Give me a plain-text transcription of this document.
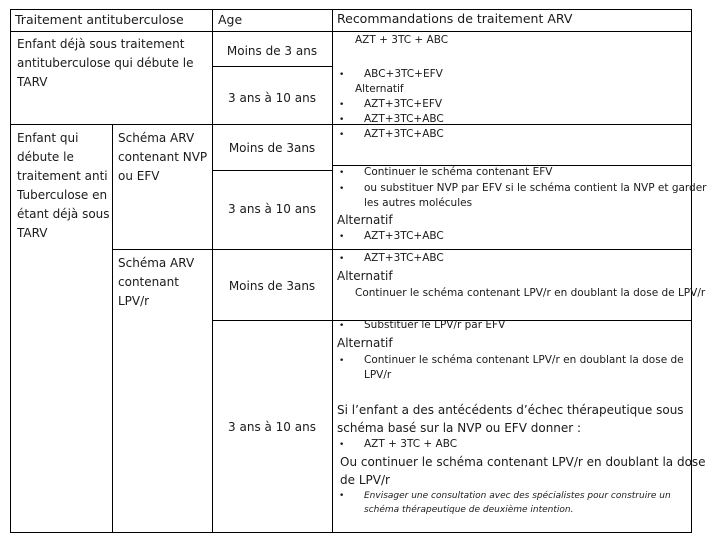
Traitement antituberculose	Age	Recommandations de traitement ARV
Enfant déjà sous traitement
antituberculose qui débute le
TARV
Moins de 3 ans
AZT + 3TC + ABC
3 ans à 10 ans
• ABC+3TC+EFV
Alternatif
• AZT+3TC+EFV
• AZT+3TC+ABC
Enfant qui
débute le
traitement anti
Tuberculose en
étant déjà sous
TARV
Schéma ARV
contenant NVP
ou EFV
Moins de 3ans
• AZT+3TC+ABC
3 ans à 10 ans
• Continuer le schéma contenant EFV
• ou substituer NVP par EFV si le schéma contient la NVP et garder
les autres molécules
Alternatif
• AZT+3TC+ABC
Schéma ARV
contenant
LPV/r
Moins de 3ans
• AZT+3TC+ABC
Alternatif
Continuer le schéma contenant LPV/r en doublant la dose de LPV/r
3 ans à 10 ans
• Substituer le LPV/r par EFV
Alternatif
• Continuer le schéma contenant LPV/r en doublant la dose de
LPV/r
Si l’enfant a des antécédents d’échec thérapeutique sous
schéma basé sur la NVP ou EFV donner :
• AZT + 3TC + ABC
Ou continuer le schéma contenant LPV/r en doublant la dose
de LPV/r
• Envisager une consultation avec des spécialistes pour construire un
schéma thérapeutique de deuxième intention.
